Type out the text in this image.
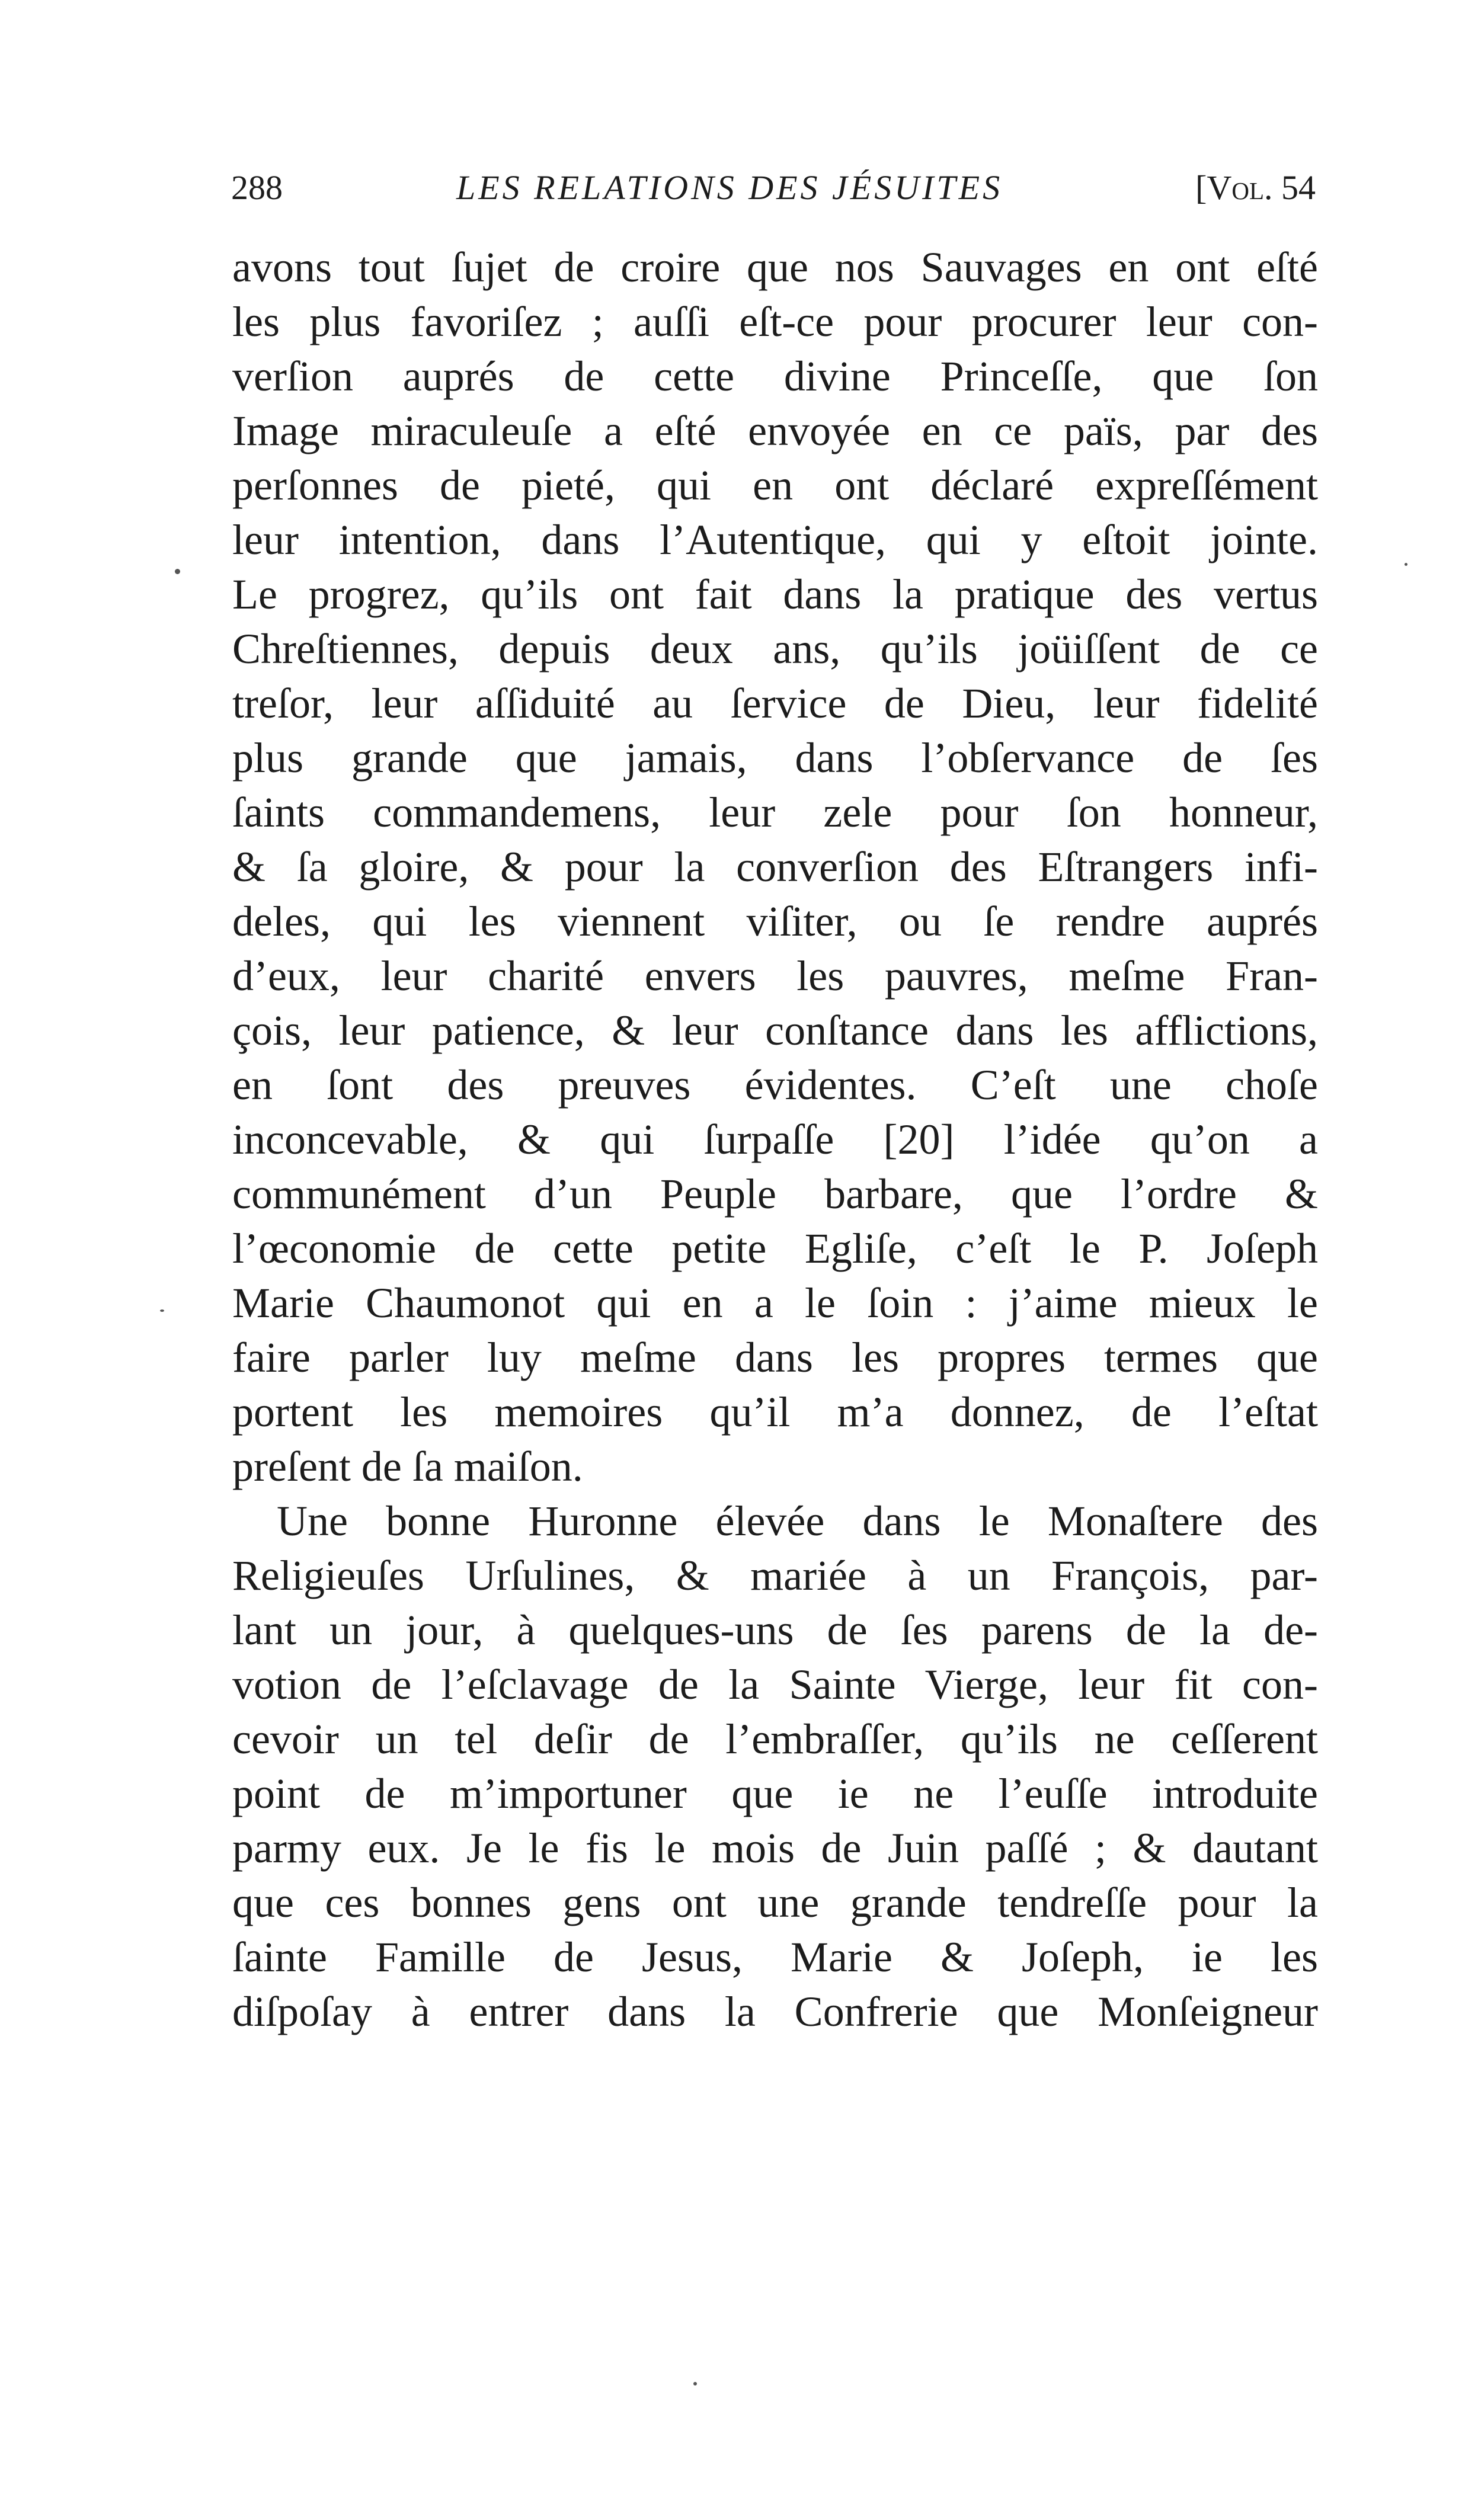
288	LES RELATIONS DES JÉSUITES	[Vol. 54
avons tout ſujet de croire que nos Sauvages en ont eſté
les plus favoriſez ; auſſi eſt-ce pour procurer leur con-
verſion auprés de cette divine Princeſſe, que ſon
Image miraculeuſe a eſté envoyée en ce païs, par des
perſonnes de pieté, qui en ont déclaré expreſſément
leur intention, dans l’Autentique, qui y eſtoit jointe.
Le progrez, qu’ils ont fait dans la pratique des vertus
Chreſtiennes, depuis deux ans, qu’ils joüiſſent de ce
treſor, leur aſſiduité au ſervice de Dieu, leur fidelité
plus grande que jamais, dans l’obſervance de ſes
ſaints commandemens, leur zele pour ſon honneur,
& ſa gloire, & pour la converſion des Eſtrangers infi-
deles, qui les viennent viſiter, ou ſe rendre auprés
d’eux, leur charité envers les pauvres, meſme Fran-
çois, leur patience, & leur conſtance dans les afflictions,
en ſont des preuves évidentes. C’eſt une choſe
inconcevable, & qui ſurpaſſe [20] l’idée qu’on a
communément d’un Peuple barbare, que l’ordre &
l’œconomie de cette petite Egliſe, c’eſt le P. Joſeph
Marie Chaumonot qui en a le ſoin : j’aime mieux le
faire parler luy meſme dans les propres termes que
portent les memoires qu’il m’a donnez, de l’eſtat
preſent de ſa maiſon.
Une bonne Huronne élevée dans le Monaſtere des
Religieuſes Urſulines, & mariée à un François, par-
lant un jour, à quelques-uns de ſes parens de la de-
votion de l’eſclavage de la Sainte Vierge, leur fit con-
cevoir un tel deſir de l’embraſſer, qu’ils ne ceſſerent
point de m’importuner que ie ne l’euſſe introduite
parmy eux. Je le fis le mois de Juin paſſé ; & dautant
que ces bonnes gens ont une grande tendreſſe pour la
ſainte Famille de Jesus, Marie & Joſeph, ie les
diſpoſay à entrer dans la Confrerie que Monſeigneur
